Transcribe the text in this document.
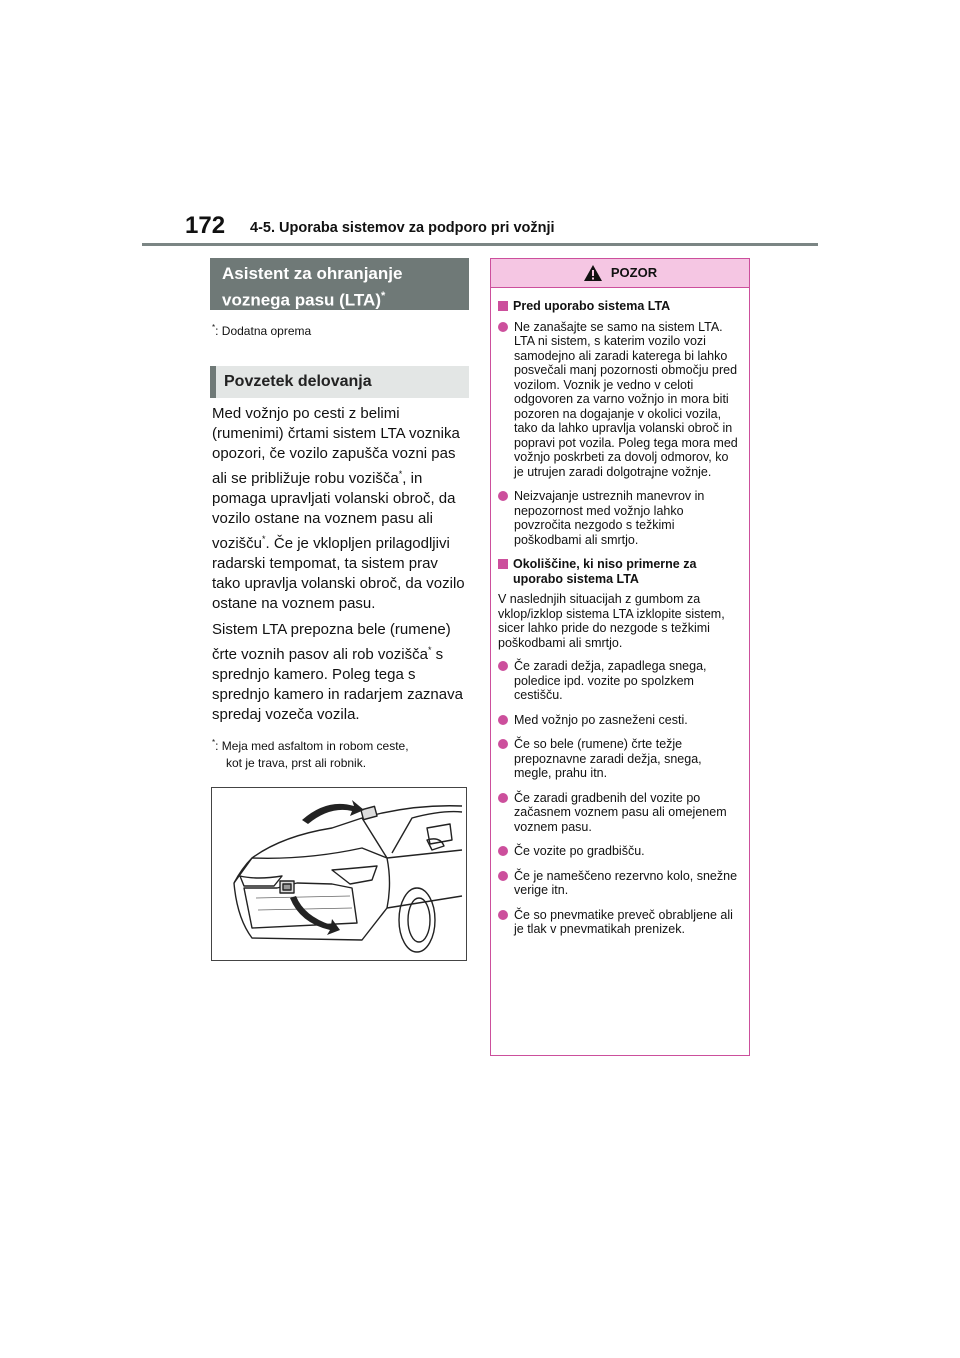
172 4-5. Uporaba sistemov za podporo pri vožnji
Asistent za ohranjanje
voznega pasu (LTA)*
*: Dodatna oprema
Povzetek delovanja

Med vožnjo po cesti z belimi (rumenimi) črtami sistem LTA voznika opozori, če vozilo zapušča vozni pas ali se približuje robu vozišča*, in pomaga upravljati volanski obroč, da vozilo ostane na voznem pasu ali vozišču*. Če je vklopljen prilagodljivi radarski tempomat, ta sistem prav tako upravlja volanski obroč, da vozilo ostane na voznem pasu.

Sistem LTA prepozna bele (rumene) črte voznih pasov ali rob vozišča* s sprednjo kamero. Poleg tega s sprednjo kamero in radarjem zaznava spredaj vozeča vozila.

*: Meja med asfaltom in robom ceste,
kot je trava, prst ali robnik.
POZOR
Pred uporabo sistema LTA
Ne zanašajte se samo na sistem LTA. LTA ni sistem, s katerim vozilo vozi samodejno ali zaradi katerega bi lahko posvečali manj pozornosti območju pred vozilom. Voznik je vedno v celoti odgovoren za varno vožnjo in mora biti pozoren na dogajanje v okolici vozila, tako da lahko upravlja volanski obroč in popravi pot vozila. Poleg tega mora med vožnjo poskrbeti za dovolj odmorov, ko je utrujen zaradi dolgotrajne vožnje.
Neizvajanje ustreznih manevrov in nepozornost med vožnjo lahko povzročita nezgodo s težkimi poškodbami ali smrtjo.
Okoliščine, ki niso primerne za uporabo sistema LTA
V naslednjih situacijah z gumbom za vklop/izklop sistema LTA izklopite sistem, sicer lahko pride do nezgode s težkimi poškodbami ali smrtjo.
Če zaradi dežja, zapadlega snega, poledice ipd. vozite po spolzkem cestišču.
Med vožnjo po zasneženi cesti.
Če so bele (rumene) črte težje prepoznavne zaradi dežja, snega, megle, prahu itn.
Če zaradi gradbenih del vozite po začasnem voznem pasu ali omejenem voznem pasu.
Če vozite po gradbišču.
Če je nameščeno rezervno kolo, snežne verige itn.
Če so pnevmatike preveč obrabljene ali je tlak v pnevmatikah prenizek.
